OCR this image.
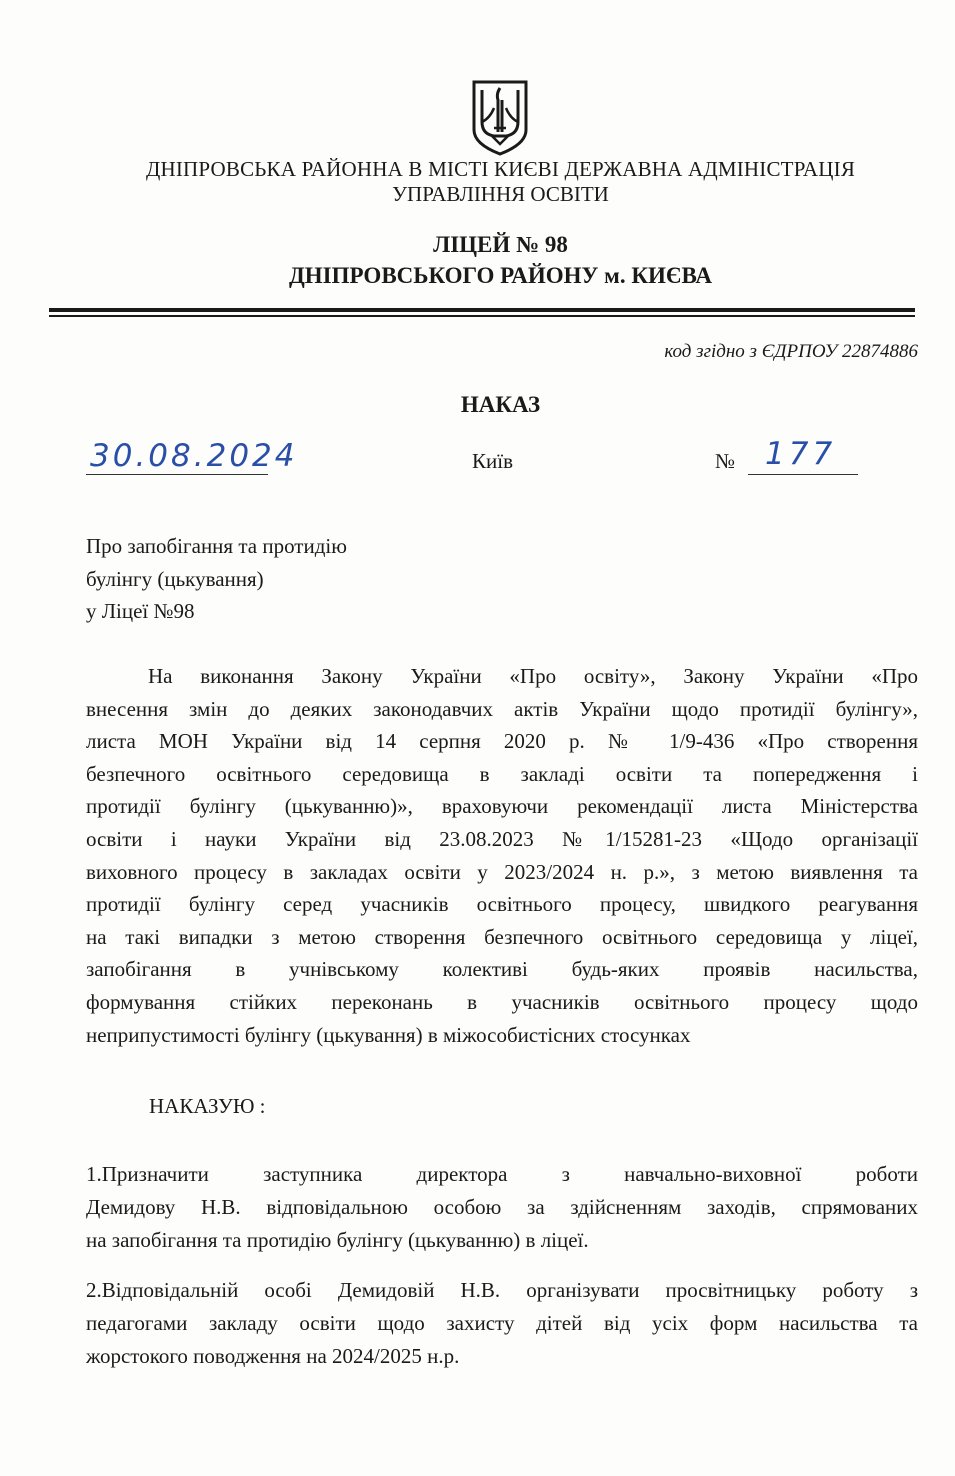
ДНІПРОВСЬКА РАЙОННА В МІСТІ КИЄВІ ДЕРЖАВНА АДМІНІСТРАЦІЯ
УПРАВЛІННЯ ОСВІТИ
ЛІЦЕЙ № 98
ДНІПРОВСЬКОГО РАЙОНУ м. КИЄВА
код згідно з ЄДРПОУ 22874886
НАКАЗ
30.08.2024	Київ	№ 177
Про запобігання та протидію
булінгу (цькування)
у Ліцеї №98
На виконання Закону України «Про освіту», Закону України «Про
внесення змін до деяких законодавчих актів України щодо протидії булінгу»,
листа МОН України від 14 серпня 2020 р. № 1/9-436 «Про створення
безпечного освітнього середовища в закладі освіти та попередження і
протидії булінгу (цькуванню)», враховуючи рекомендації листа Міністерства
освіти і науки України від 23.08.2023 №1/15281-23 «Щодо організації
виховного процесу в закладах освіти у 2023/2024 н. р.», з метою виявлення та
протидії булінгу серед учасників освітнього процесу, швидкого реагування
на такі випадки з метою створення безпечного освітнього середовища у ліцеї,
запобігання в учнівському колективі будь-яких проявів насильства,
формування стійких переконань в учасників освітнього процесу щодо
неприпустимості булінгу (цькування) в міжособистісних стосунках
НАКАЗУЮ :
1.Призначити заступника директора з навчально-виховної роботи
Демидову Н.В. відповідальною особою за здійсненням заходів, спрямованих
на запобігання та протидію булінгу (цькуванню) в ліцеї.
2.Відповідальній особі Демидовій Н.В. організувати просвітницьку роботу з
педагогами закладу освіти щодо захисту дітей від усіх форм насильства та
жорстокого поводження на 2024/2025 н.р.
